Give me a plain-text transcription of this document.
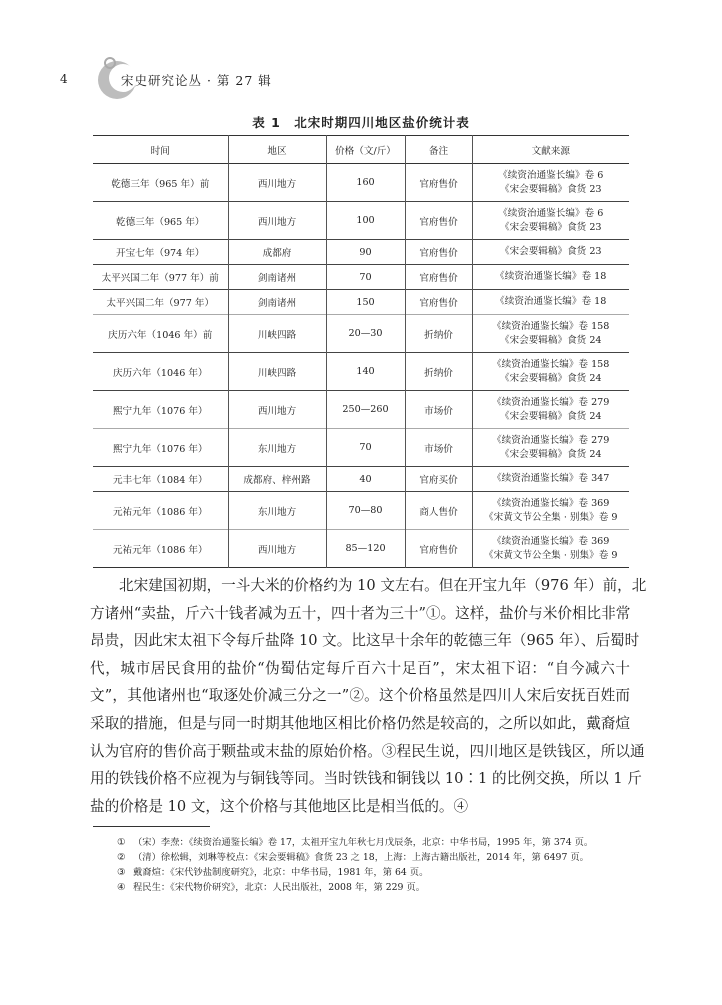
4	宋史研究论丛 · 第 27 辑
表 1　北宋时期四川地区盐价统计表
时间	地区	价格（文/斤）	备注	文献来源
乾德三年（965 年）前	西川地方	160	官府售价	《续资治通鉴长编》卷 6
《宋会要辑稿》食货 23

乾德三年（965 年）	西川地方	100	官府售价	《续资治通鉴长编》卷 6
《宋会要辑稿》食货 23

开宝七年（974 年）	成都府	90	官府售价	《宋会要辑稿》食货 23

太平兴国二年（977 年）前	剑南诸州	70	官府售价	《续资治通鉴长编》卷 18

太平兴国二年（977 年）	剑南诸州	150	官府售价	《续资治通鉴长编》卷 18

庆历六年（1046 年）前	川峡四路	20—30	折纳价	《续资治通鉴长编》卷 158
《宋会要辑稿》食货 24

庆历六年（1046 年）	川峡四路	140	折纳价	《续资治通鉴长编》卷 158
《宋会要辑稿》食货 24

熙宁九年（1076 年）	西川地方	250—260	市场价	《续资治通鉴长编》卷 279
《宋会要辑稿》食货 24

熙宁九年（1076 年）	东川地方	70	市场价	《续资治通鉴长编》卷 279
《宋会要辑稿》食货 24

元丰七年（1084 年）	成都府、梓州路	40	官府买价	《续资治通鉴长编》卷 347

元祐元年（1086 年）	东川地方	70—80	商人售价	《续资治通鉴长编》卷 369
《宋黄文节公全集 · 别集》卷 9

元祐元年（1086 年）	西川地方	85—120	官府售价	《续资治通鉴长编》卷 369
《宋黄文节公全集 · 别集》卷 9
北宋建国初期，一斗大米的价格约为 10 文左右。但在开宝九年（976 年）前，北
方诸州“卖盐，斤六十钱者减为五十，四十者为三十”①。这样，盐价与米价相比非常
昂贵，因此宋太祖下令每斤盐降 10 文。比这早十余年的乾德三年（965 年）、后蜀时
代，城市居民食用的盐价“伪蜀估定每斤百六十足百”，宋太祖下诏：“自今减六十
文”，其他诸州也“取逐处价减三分之一”②。这个价格虽然是四川人宋后安抚百姓而
采取的措施，但是与同一时期其他地区相比价格仍然是较高的，之所以如此，戴裔煊
认为官府的售价高于颗盐或末盐的原始价格。③程民生说，四川地区是铁钱区，所以通
用的铁钱价格不应视为与铜钱等同。当时铁钱和铜钱以 10∶1 的比例交换，所以 1 斤
盐的价格是 10 文，这个价格与其他地区比是相当低的。④
① （宋）李焘：《续资治通鉴长编》卷 17，太祖开宝九年秋七月戊辰条，北京：中华书局，1995 年，第 374 页。
② （清）徐松辑，刘琳等校点：《宋会要辑稿》食货 23 之 18，上海：上海古籍出版社，2014 年，第 6497 页。
③ 戴裔煊：《宋代钞盐制度研究》，北京：中华书局，1981 年，第 64 页。
④ 程民生：《宋代物价研究》，北京：人民出版社，2008 年，第 229 页。
